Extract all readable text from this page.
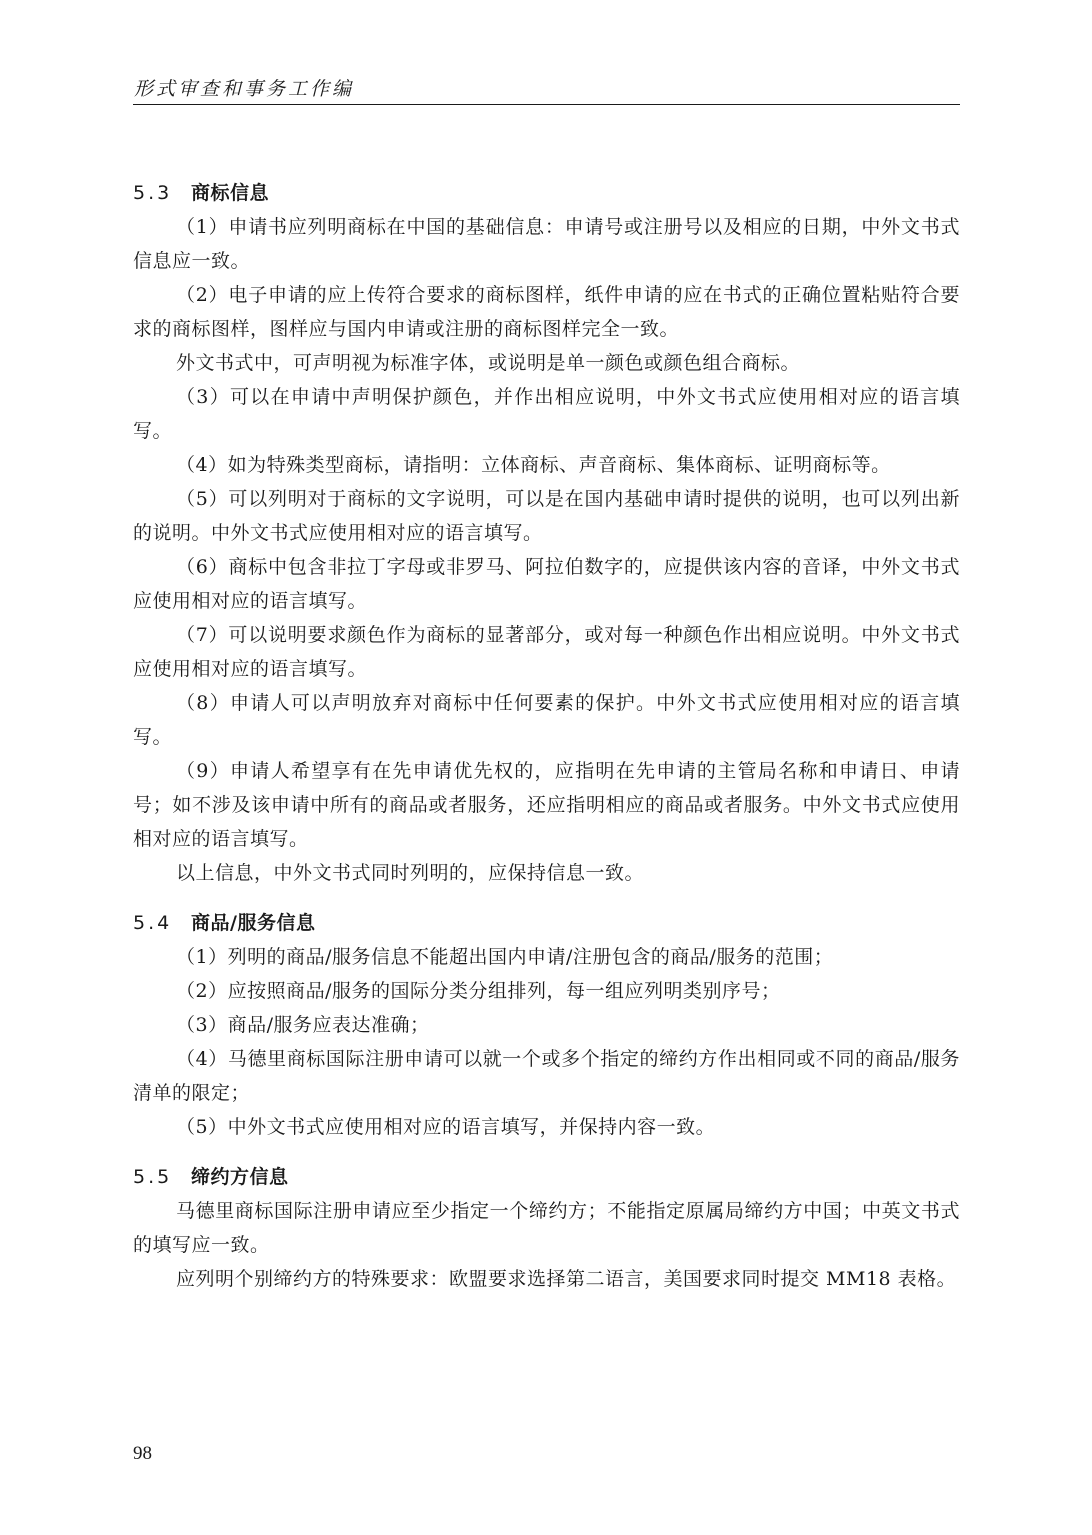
形式审查和事务工作编
5.3 商标信息

（1）申请书应列明商标在中国的基础信息：申请号或注册号以及相应的日期，中外文书式信息应一致。

（2）电子申请的应上传符合要求的商标图样，纸件申请的应在书式的正确位置粘贴符合要求的商标图样，图样应与国内申请或注册的商标图样完全一致。

外文书式中，可声明视为标准字体，或说明是单一颜色或颜色组合商标。

（3）可以在申请中声明保护颜色，并作出相应说明，中外文书式应使用相对应的语言填写。

（4）如为特殊类型商标，请指明：立体商标、声音商标、集体商标、证明商标等。

（5）可以列明对于商标的文字说明，可以是在国内基础申请时提供的说明，也可以列出新的说明。中外文书式应使用相对应的语言填写。

（6）商标中包含非拉丁字母或非罗马、阿拉伯数字的，应提供该内容的音译，中外文书式应使用相对应的语言填写。

（7）可以说明要求颜色作为商标的显著部分，或对每一种颜色作出相应说明。中外文书式应使用相对应的语言填写。

（8）申请人可以声明放弃对商标中任何要素的保护。中外文书式应使用相对应的语言填写。

（9）申请人希望享有在先申请优先权的，应指明在先申请的主管局名称和申请日、申请号；如不涉及该申请中所有的商品或者服务，还应指明相应的商品或者服务。中外文书式应使用相对应的语言填写。

以上信息，中外文书式同时列明的，应保持信息一致。

5.4 商品/服务信息

（1）列明的商品/服务信息不能超出国内申请/注册包含的商品/服务的范围；

（2）应按照商品/服务的国际分类分组排列，每一组应列明类别序号；

（3）商品/服务应表达准确；

（4）马德里商标国际注册申请可以就一个或多个指定的缔约方作出相同或不同的商品/服务清单的限定；

（5）中外文书式应使用相对应的语言填写，并保持内容一致。

5.5 缔约方信息

马德里商标国际注册申请应至少指定一个缔约方；不能指定原属局缔约方中国；中英文书式的填写应一致。

应列明个别缔约方的特殊要求：欧盟要求选择第二语言，美国要求同时提交 MM18 表格。

98
